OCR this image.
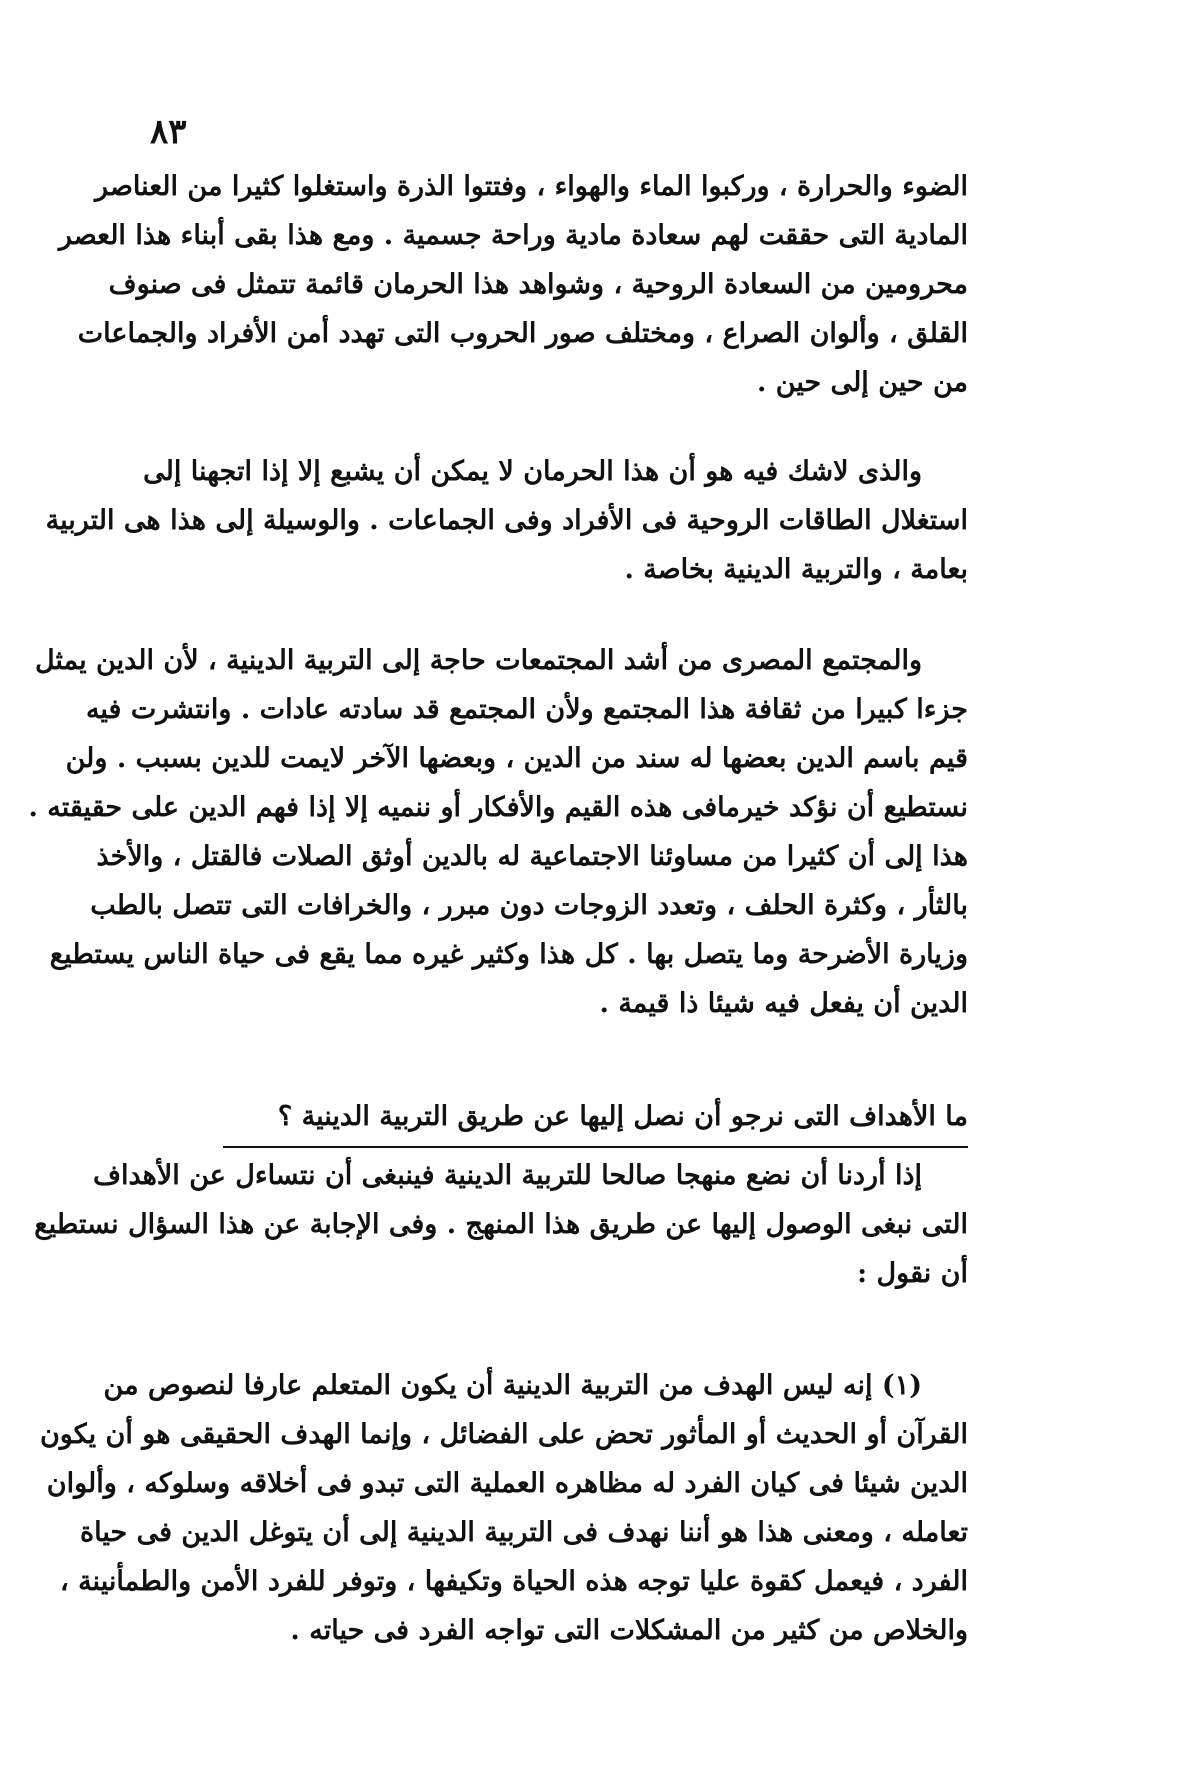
٨٣
الضوء والحرارة ، وركبوا الماء والهواء ، وفتتوا الذرة واستغلوا كثيرا من العناصر
المادية التى حققت لهم سعادة مادية وراحة جسمية . ومع هذا بقى أبناء هذا العصر
محرومين من السعادة الروحية ، وشواهد هذا الحرمان قائمة تتمثل فى صنوف
القلق ، وألوان الصراع ، ومختلف صور الحروب التى تهدد أمن الأفراد والجماعات
من حين إلى حين .
والذى لاشك فيه هو أن هذا الحرمان لا يمكن أن يشبع إلا إذا اتجهنا إلى
استغلال الطاقات الروحية فى الأفراد وفى الجماعات . والوسيلة إلى هذا هى التربية
بعامة ، والتربية الدينية بخاصة .
والمجتمع المصرى من أشد المجتمعات حاجة إلى التربية الدينية ، لأن الدين يمثل
جزءا كبيرا من ثقافة هذا المجتمع ولأن المجتمع قد سادته عادات . وانتشرت فيه
قيم باسم الدين بعضها له سند من الدين ، وبعضها الآخر لايمت للدين بسبب . ولن
نستطيع أن نؤكد خيرمافى هذه القيم والأفكار أو ننميه إلا إذا فهم الدين على حقيقته .
هذا إلى أن كثيرا من مساوئنا الاجتماعية له بالدين أوثق الصلات فالقتل ، والأخذ
بالثأر ، وكثرة الحلف ، وتعدد الزوجات دون مبرر ، والخرافات التى تتصل بالطب
وزيارة الأضرحة وما يتصل بها . كل هذا وكثير غيره مما يقع فى حياة الناس يستطيع
الدين أن يفعل فيه شيئا ذا قيمة .
ما الأهداف التى نرجو أن نصل إليها عن طريق التربية الدينية ؟
إذا أردنا أن نضع منهجا صالحا للتربية الدينية فينبغى أن نتساءل عن الأهداف
التى نبغى الوصول إليها عن طريق هذا المنهج . وفى الإجابة عن هذا السؤال نستطيع
أن نقول :
(١) إنه ليس الهدف من التربية الدينية أن يكون المتعلم عارفا لنصوص من
القرآن أو الحديث أو المأثور تحض على الفضائل ، وإنما الهدف الحقيقى هو أن يكون
الدين شيئا فى كيان الفرد له مظاهره العملية التى تبدو فى أخلاقه وسلوكه ، وألوان
تعامله ، ومعنى هذا هو أننا نهدف فى التربية الدينية إلى أن يتوغل الدين فى حياة
الفرد ، فيعمل كقوة عليا توجه هذه الحياة وتكيفها ، وتوفر للفرد الأمن والطمأنينة ،
والخلاص من كثير من المشكلات التى تواجه الفرد فى حياته .
